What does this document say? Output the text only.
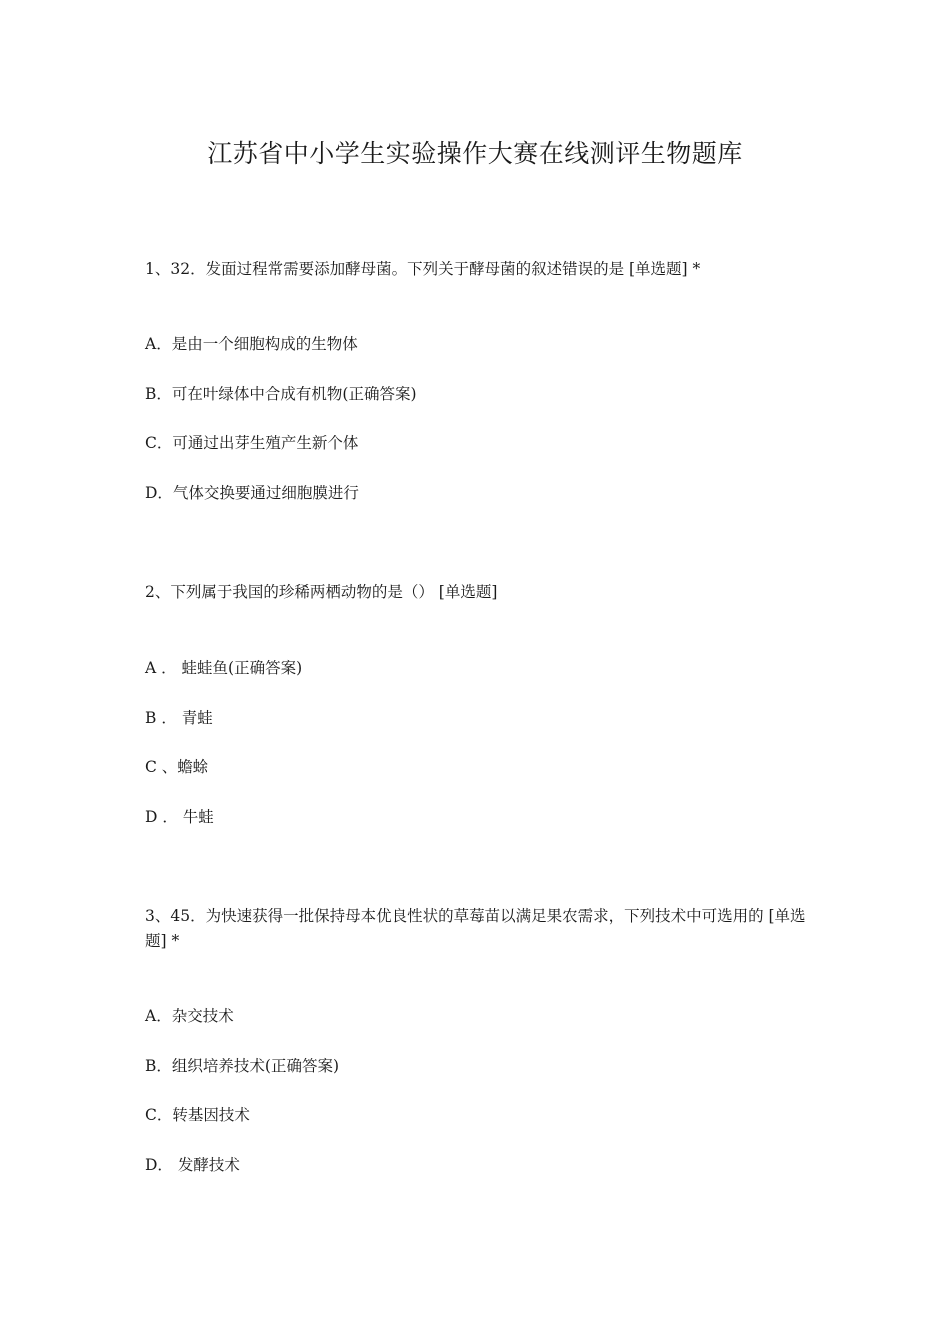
江苏省中小学生实验操作大赛在线测评生物题库

1、32．发面过程常需要添加酵母菌。下列关于酵母菌的叙述错误的是 [单选题] *

A．是由一个细胞构成的生物体

B．可在叶绿体中合成有机物(正确答案)

C．可通过出芽生殖产生新个体

D．气体交换要通过细胞膜进行

2、下列属于我国的珍稀两栖动物的是（） [单选题]

A ． 蛙蛙鱼(正确答案)

B ． 青蛙

C 、蟾蜍

D ． 牛蛙

3、45．为快速获得一批保持母本优良性状的草莓苗以满足果农需求，下列技术中可选用的 [单选题] *

A．杂交技术

B．组织培养技术(正确答案)

C．转基因技术

D． 发酵技术
